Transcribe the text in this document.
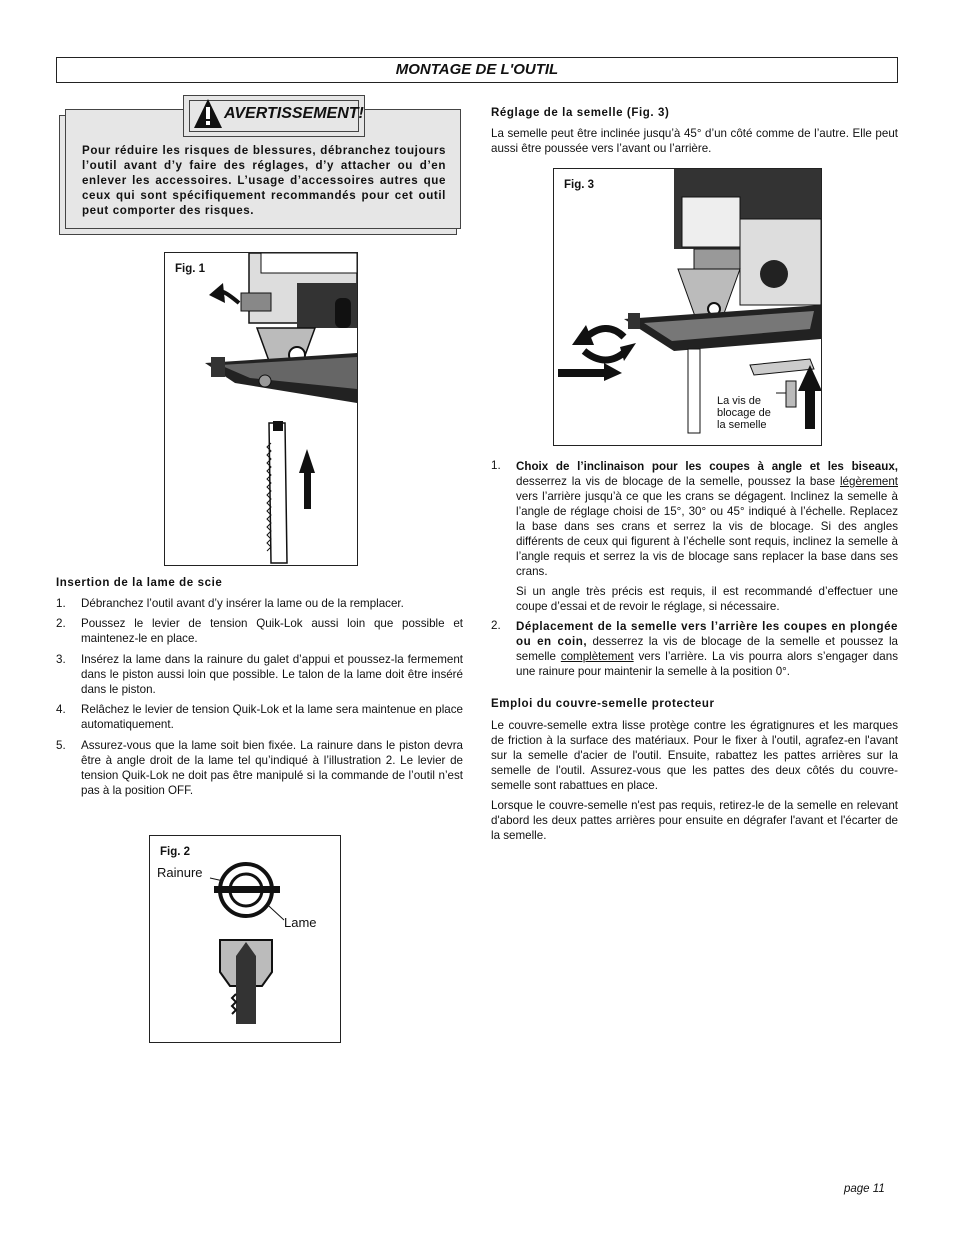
MONTAGE DE L'OUTIL
AVERTISSEMENT!
Pour réduire les risques de blessures, débranchez toujours l’outil avant d’y faire des réglages, d’y attacher ou d’en enlever les accessoires. L’usage d’accessoires autres que ceux qui sont spécifiquement recommandés pour cet outil peut comporter des risques.
Fig. 1
Insertion de la lame de scie
1. Débranchez l’outil avant d’y insérer la lame ou de la remplacer.
2. Poussez le levier de tension Quik-Lok aussi loin que possible et maintenez-le en place.
3. Insérez la lame dans la rainure du galet d’appui et poussez-la fermement dans le piston aussi loin que possible. Le talon de la lame doit être inséré dans le piston.
4. Relâchez le levier de tension Quik-Lok et la lame sera maintenue en place automatiquement.
5. Assurez-vous que la lame soit bien fixée. La rainure dans le piston devra être à angle droit de la lame tel qu’indiqué à l’illustration 2. Le levier de tension Quik-Lok ne doit pas être manipulé si la commande de l’outil n’est pas à la position OFF.
Fig. 2
Rainure
Lame
Réglage de la semelle (Fig. 3)
La semelle peut être inclinée jusqu’à 45° d’un côté comme de l’autre. Elle peut aussi être poussée vers l’avant ou l’arrière.
Fig. 3
La vis de
blocage de
la semelle
1. Choix de l’inclinaison pour les coupes à angle et les biseaux, desserrez la vis de blocage de la semelle, poussez la base légèrement vers l’arrière jusqu’à ce que les crans se dégagent. Inclinez la semelle à l’angle de réglage choisi de 15°, 30° ou 45° indiqué à l’échelle. Replacez la base dans ses crans et serrez la vis de blocage. Si des angles différents de ceux qui figurent à l’échelle sont requis, inclinez la semelle à l’angle requis et serrez la vis de blocage sans replacer la base dans ses crans.
Si un angle très précis est requis, il est recommandé d’effectuer une coupe d’essai et de revoir le réglage, si nécessaire.
2. Déplacement de la semelle vers l’arrière les coupes en plongée ou en coin, desserrez la vis de blocage de la semelle et poussez la semelle complètement vers l’arrière. La vis pourra alors s’engager dans une rainure pour maintenir la semelle à la position 0°.
Emploi du couvre-semelle protecteur
Le couvre-semelle extra lisse protège contre les égratignures et les marques de friction à la surface des matériaux. Pour le fixer à l'outil, agrafez-en l'avant sur la semelle d'acier de l'outil. Ensuite, rabattez les pattes arrières sur la semelle de l'outil. Assurez-vous que les pattes des deux côtés du couvre-semelle sont rabattues en place.
Lorsque le couvre-semelle n'est pas requis, retirez-le de la semelle en relevant d'abord les deux pattes arrières pour ensuite en dégrafer l'avant et l'écarter de la semelle.
page 11
